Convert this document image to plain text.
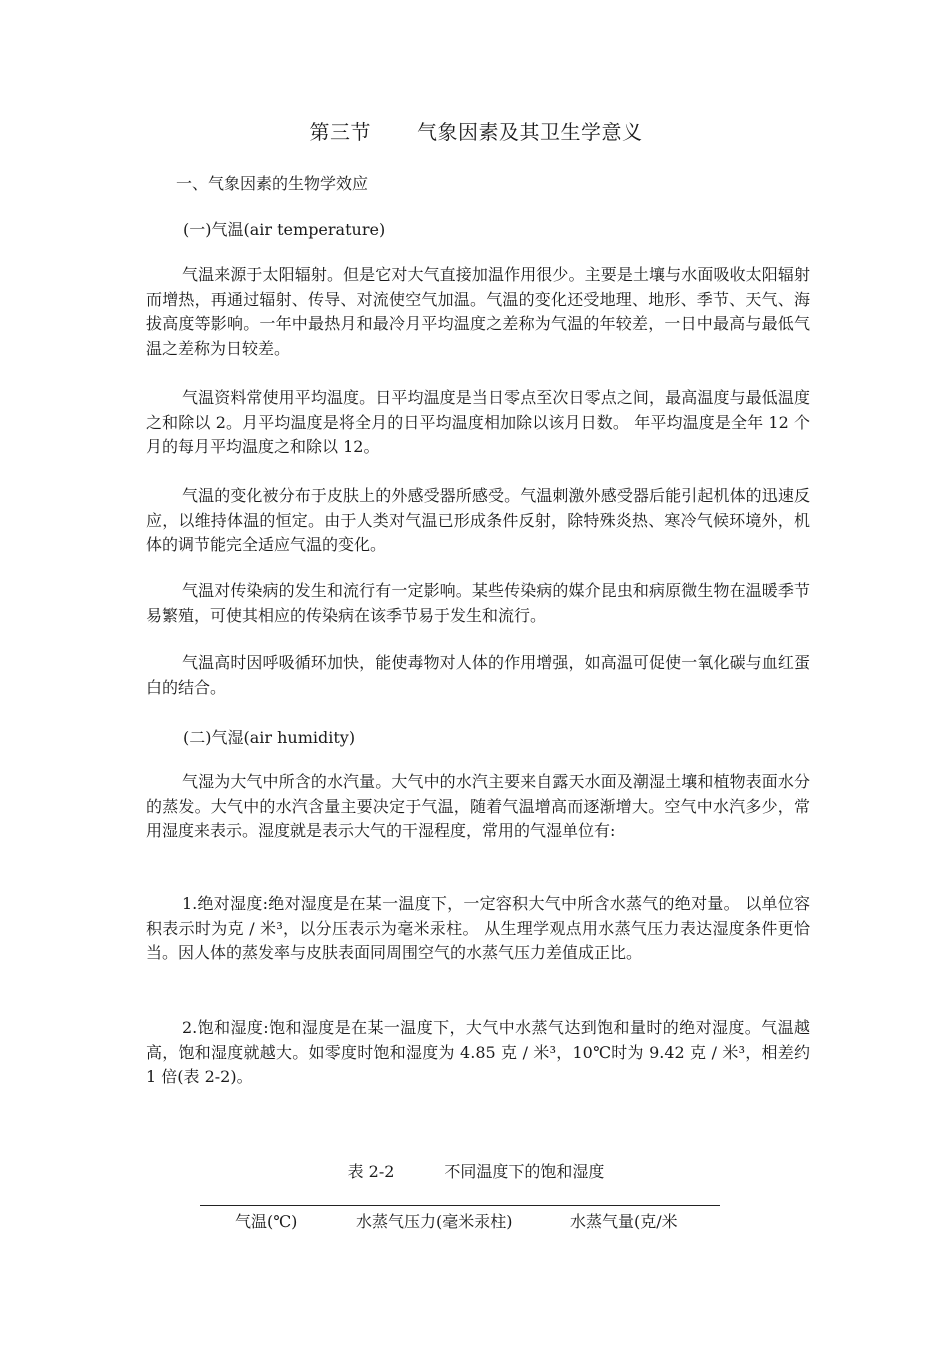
第三节 气象因素及其卫生学意义
一、气象因素的生物学效应
(一)气温(air temperature)

气温来源于太阳辐射。但是它对大气直接加温作用很少。主要是土壤与水面吸收太阳辐射而增热，再通过辐射、传导、对流使空气加温。气温的变化还受地理、地形、季节、天气、海拔高度等影响。一年中最热月和最冷月平均温度之差称为气温的年较差，一日中最高与最低气温之差称为日较差。

气温资料常使用平均温度。日平均温度是当日零点至次日零点之间，最高温度与最低温度之和除以 2。月平均温度是将全月的日平均温度相加除以该月日数。 年平均温度是全年 12 个月的每月平均温度之和除以 12。

气温的变化被分布于皮肤上的外感受器所感受。气温刺激外感受器后能引起机体的迅速反应，以维持体温的恒定。由于人类对气温已形成条件反射，除特殊炎热、寒冷气候环境外，机体的调节能完全适应气温的变化。

气温对传染病的发生和流行有一定影响。某些传染病的媒介昆虫和病原微生物在温暖季节易繁殖，可使其相应的传染病在该季节易于发生和流行。

气温高时因呼吸循环加快，能使毒物对人体的作用增强，如高温可促使一氧化碳与血红蛋白的结合。

(二)气湿(air humidity)

气湿为大气中所含的水汽量。大气中的水汽主要来自露天水面及潮湿土壤和植物表面水分的蒸发。大气中的水汽含量主要决定于气温，随着气温增高而逐渐增大。空气中水汽多少，常用湿度来表示。湿度就是表示大气的干湿程度，常用的气湿单位有:

1.绝对湿度:绝对湿度是在某一温度下，一定容积大气中所含水蒸气的绝对量。 以单位容积表示时为克 / 米³，以分压表示为毫米汞柱。 从生理学观点用水蒸气压力表达湿度条件更恰当。因人体的蒸发率与皮肤表面同周围空气的水蒸气压力差值成正比。

2.饱和湿度:饱和湿度是在某一温度下，大气中水蒸气达到饱和量时的绝对湿度。气温越高，饱和湿度就越大。如零度时饱和湿度为 4.85 克 / 米³，10℃时为 9.42 克 / 米³，相差约 1 倍(表 2-2)。

表 2-2	不同温度下的饱和湿度
气温(℃)	水蒸气压力(毫米汞柱)	水蒸气量(克/米
